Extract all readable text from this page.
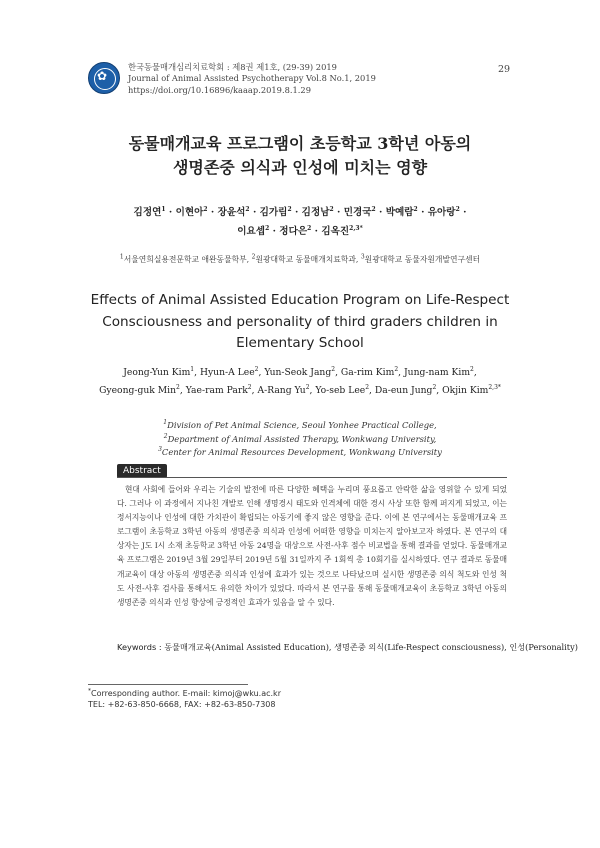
✿
한국동물매개심리치료학회 : 제8권 제1호, (29-39) 2019
Journal of Animal Assisted Psychotherapy Vol.8 No.1, 2019
https://doi.org/10.16896/kaaap.2019.8.1.29
29
동물매개교육 프로그램이 초등학교 3학년 아동의
생명존중 의식과 인성에 미치는 영향
김정연$^1$ · 이현아$^2$ · 장윤석$^2$ · 김가림$^2$ · 김정남$^2$ · 민경국$^2$ · 박예람$^2$ · 유아랑$^2$ ·
이요셉$^2$ · 정다은$^2$ · 김옥진$^{2,3*}$
$^1$서울연희실용전문학교 애완동물학부, $^2$원광대학교 동물매개치료학과, $^3$원광대학교 동물자원개발연구센터
Effects of Animal Assisted Education Program on Life-Respect
Consciousness and personality of third graders children in
Elementary School
Jeong-Yun Kim$^1$, Hyun-A Lee$^2$, Yun-Seok Jang$^2$, Ga-rim Kim$^2$, Jung-nam Kim$^2$,
Gyeong-guk Min$^2$, Yae-ram Park$^2$, A-Rang Yu$^2$, Yo-seb Lee$^2$, Da-eun Jung$^2$, Okjin Kim$^{2,3*}$
$^1$Division of Pet Animal Science, Seoul Yonhee Practical College,
$^2$Department of Animal Assisted Therapy, Wonkwang University,
$^3$Center for Animal Resources Development, Wonkwang University
Abstract
현대 사회에 들어와 우리는 기술의 발전에 따른 다양한 혜택을 누리며 풍요롭고 안락한 삶을 영위할 수 있게 되었다. 그러나 이 과정에서 지나친 개발로 인해 생명경시 태도와 인격체에 대한 경시 사상 또한 함께 퍼지게 되었고, 이는 정서지능이나 인성에 대한 가치관이 확립되는 아동기에 좋지 않은 영향을 준다. 이에 본 연구에서는 동물매개교육 프로그램이 초등학교 3학년 아동의 생명존중 의식과 인성에 어떠한 영향을 미치는지 알아보고자 하였다. 본 연구의 대상자는 J도 I시 소재 초등학교 3학년 아동 24명을 대상으로 사전-사후 점수 비교법을 통해 결과를 얻었다. 동물매개교육 프로그램은 2019년 3월 29일부터 2019년 5월 31일까지 주 1회씩 총 10회기를 실시하였다. 연구 결과로 동물매개교육이 대상 아동의 생명존중 의식과 인성에 효과가 있는 것으로 나타났으며 실시한 생명존중 의식 척도와 인성 척도 사전-사후 검사를 통해서도 유의한 차이가 있었다. 따라서 본 연구를 통해 동물매개교육이 초등학교 3학년 아동의 생명존중 의식과 인성 향상에 긍정적인 효과가 있음을 알 수 있다.
Keywords : 동물매개교육(Animal Assisted Education), 생명존중 의식(Life-Respect consciousness), 인성(Personality)
*Corresponding author. E-mail: kimoj@wku.ac.kr
TEL: +82-63-850-6668, FAX: +82-63-850-7308
